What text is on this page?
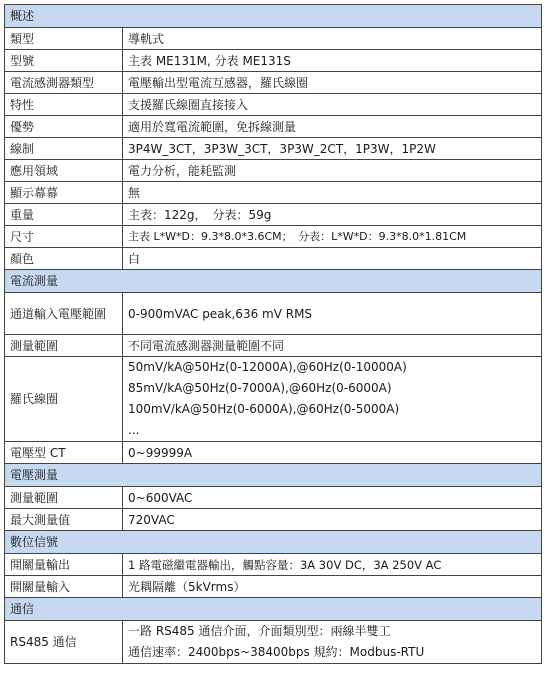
概述	
類型	導軌式
型號	主表 ME131M, 分表 ME131S
電流感測器類型	電壓輸出型電流互感器，羅氏線圈
特性	支援羅氏線圈直接接入
優勢	適用於寬電流範圍，免拆線測量
線制	3P4W_3CT，3P3W_3CT，3P3W_2CT，1P3W，1P2W
應用領域	電力分析，能耗監測
顯示幕幕	無
重量	主表：122g，　分表：59g
尺寸	主表 L*W*D：9.3*8.0*3.6CM；　分表：L*W*D：9.3*8.0*1.81CM
顏色	白
電流測量	
通道輸入電壓範圍	0-900mVAC peak,636 mV RMS
測量範圍	不同電流感測器測量範圍不同
羅氏線圈	50mV/kA@50Hz(0-12000A),@60Hz(0-10000A)
85mV/kA@50Hz(0-7000A),@60Hz(0-6000A)
100mV/kA@50Hz(0-6000A),@60Hz(0-5000A)
...

電壓型 CT	0~99999A
電壓測量	
測量範圍	0~600VAC
最大測量值	720VAC
數位信號	
開關量輸出	1 路電磁繼電器輸出，觸點容量：3A 30V DC，3A 250V AC
開關量輸入	光耦隔離（5kVrms）
通信	
RS485 通信	一路 RS485 通信介面，介面類別型：兩線半雙工
通信速率：2400bps~38400bps 規約：Modbus-RTU
